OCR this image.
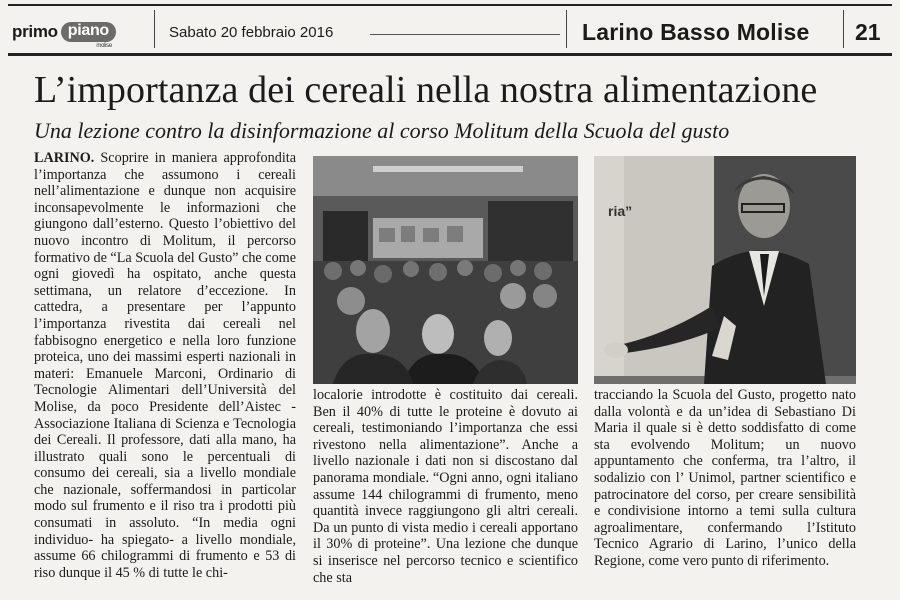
primo piano
molise
Sabato 20 febbraio 2016	Larino Basso Molise 21
L’importanza dei cereali nella nostra alimentazione
Una lezione contro la disinformazione al corso Molitum della Scuola del gusto

LARINO. Scoprire in maniera approfondita l’importanza che assumono i cereali nell’alimentazione e dunque non acquisire inconsapevolmente le informazioni che giungono dall’esterno. Questo l’obiettivo del nuovo incontro di Molitum, il percorso formativo de “La Scuola del Gusto” che come ogni giovedì ha ospitato, anche questa settimana, un relatore d’eccezione. In cattedra, a presentare per l’appunto l’importanza rivestita dai cereali nel fabbisogno energetico e nella loro funzione proteica, uno dei massimi esperti nazionali in materi: Emanuele Marconi, Ordinario di Tecnologie Alimentari dell’Università del Molise, da poco Presidente dell’Aistec - Associazione Italiana di Scienza e Tecnologia dei Cereali. Il professore, dati alla mano, ha illustrato quali sono le percentuali di consumo dei cereali, sia a livello mondiale che nazionale, soffermandosi in particolar modo sul frumento e il riso tra i prodotti più consumati in assoluto. “In media ogni individuo- ha spiegato- a livello mondiale, assume 66 chilogrammi di frumento e 53 di riso dunque il 45 % di tutte le chi-

ria”

localorie introdotte è costituito dai cereali. Ben il 40% di tutte le proteine è dovuto ai cereali, testimoniando l’importanza che essi rivestono nella alimentazione”. Anche a livello nazionale i dati non si discostano dal panorama mondiale. “Ogni anno, ogni italiano assume 144 chilogrammi di frumento, meno quantità invece raggiungono gli altri cereali. Da un punto di vista medio i cereali apportano il 30% di proteine”. Una lezione che dunque si inserisce nel percorso tecnico e scientifico che sta

tracciando la Scuola del Gusto, progetto nato dalla volontà e da un’idea di Sebastiano Di Maria il quale si è detto soddisfatto di come sta evolvendo Molitum; un nuovo appuntamento che conferma, tra l’altro, il sodalizio con l’ Unimol, partner scientifico e patrocinatore del corso, per creare sensibilità e condivisione intorno a temi sulla cultura agroalimentare, confermando l’Istituto Tecnico Agrario di Larino, l’unico della Regione, come vero punto di riferimento.
